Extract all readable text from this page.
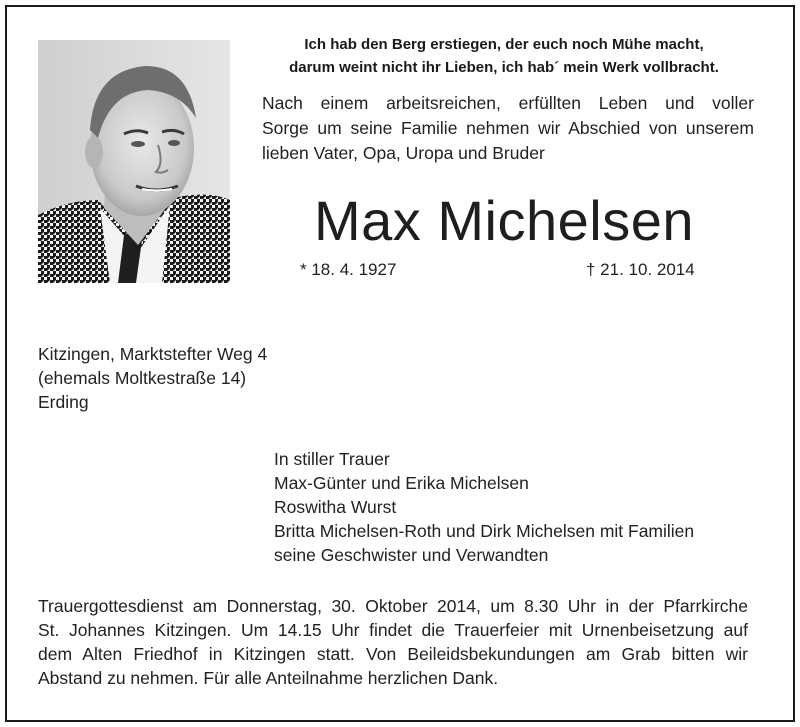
Ich hab den Berg erstiegen, der euch noch Mühe macht,
darum weint nicht ihr Lieben, ich hab´ mein Werk vollbracht.
Nach einem arbeitsreichen, erfüllten Leben und voller
Sorge um seine Familie nehmen wir Abschied von unserem
lieben Vater, Opa, Uropa und Bruder
Max Michelsen
* 18. 4. 1927	† 21. 10. 2014
Kitzingen, Marktstefter Weg 4
(ehemals Moltkestraße 14)
Erding
In stiller Trauer
Max-Günter und Erika Michelsen
Roswitha Wurst
Britta Michelsen-Roth und Dirk Michelsen mit Familien
seine Geschwister und Verwandten
Trauergottesdienst am Donnerstag, 30. Oktober 2014, um 8.30 Uhr in der Pfarrkirche
St. Johannes Kitzingen. Um 14.15 Uhr findet die Trauerfeier mit Urnenbeisetzung auf
dem Alten Friedhof in Kitzingen statt. Von Beileidsbekundungen am Grab bitten wir
Abstand zu nehmen. Für alle Anteilnahme herzlichen Dank.
